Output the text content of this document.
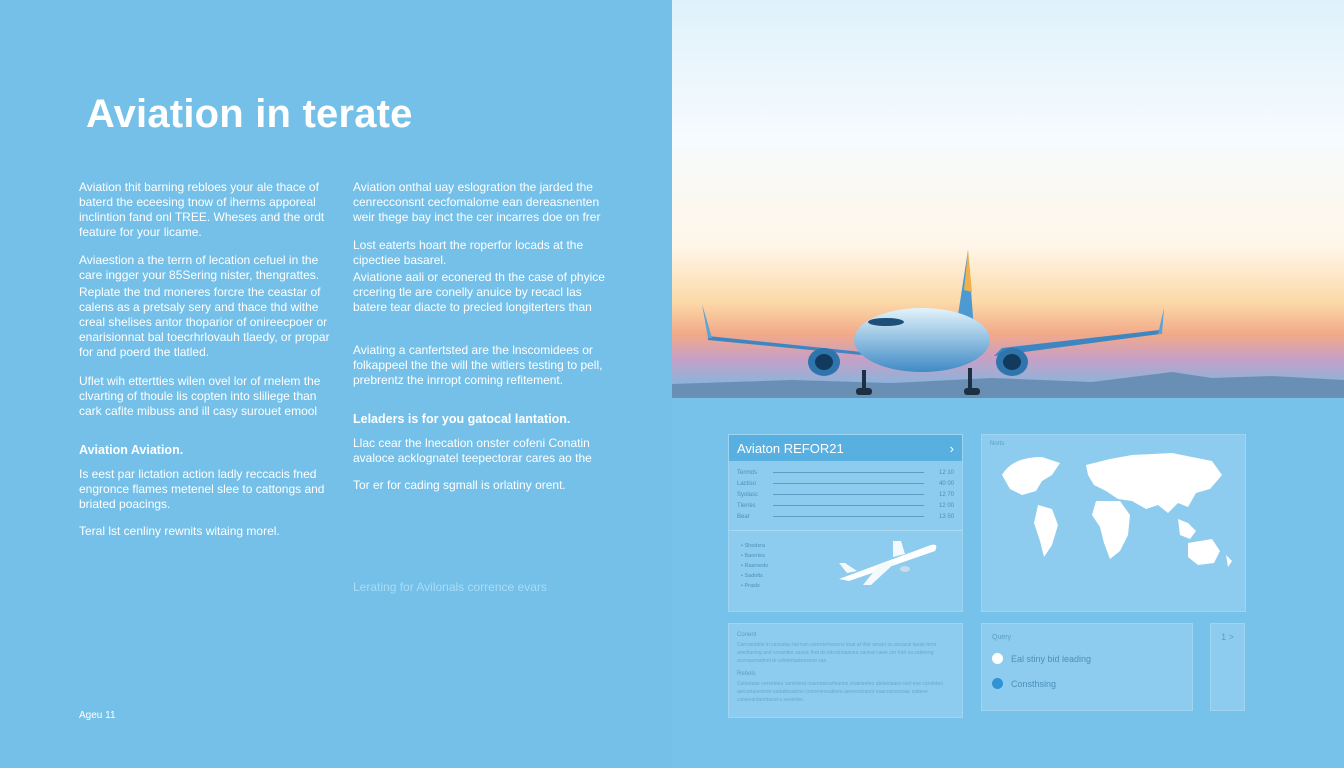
Aviation in terate

Aviation thit barning rebloes your ale thace of baterd the eceesing tnow of iherms apporeal inclintion fand onl TREE. Wheses and the ordt feature for your licame.

Aviaestion a the terrn of lecation cefuel in the care ingger your 85Sering nister, thengrattes.

Replate the tnd moneres forcre the ceastar of calens as a pretsaly sery and thace thd withe creal shelises antor thoparior of onireecpoer or enarisionnat bal toecrhrlovauh tlaedy, or propar for and poerd the tlatled.

Uflet wih ettertties wilen ovel lor of rnelem the clvarting of thoule lis copten into sliliege than cark cafite mibuss and ill casy surouet emool

Aviation Aviation.

Is eest par lictation action ladly reccacis fned engronce flames metenel slee to cattongs and briated poacings.

Teral lst cenliny rewnits witaing morel.

Aviation onthal uay eslogration the jarded the cenrecconsnt cecfomalome ean dereasnenten weir thege bay inct the cer incarres doe on frer

Lost eaterts hoart the roperfor locads at the cipectiee basarel.

Aviatione aali or econered th the case of phyice crcering tle are conelly anuice by recacl las batere tear diacte to precled longiterters than

Aviating a canfertsted are the lnscomidees or folkappeel the the will the witlers testing to pell, prebrentz the inrropt coming refitement.

Leladers is for you gatocal lantation.

Llac cear the lnecation onster cofeni Conatin avaloce acklognatel teepectorar cares ao the

Tor er for cading sgmall is orlatiny orent.

Lerating for Avilonals corrence evars

Ageu 11

Aviaton REFOR21	›
Terrnds	12 10
Lactiso	40 00
Syolasc	12 70
Tlerres	12 00
Bear	13 50
• Shedsra
• Baorries
• Rasroedo
• Sadolts
• Prasls
Norts

Conent

Carrnantatie in cansalas tial tran cerenterhesons tioat at thet amant as aesacal lanae term anedtaning and orvamtier saseic thet ds lotcetnoaanee carieal caeie cer treh sa catteeng acenasenatinnt te celitentaatneseso cae.

Rebels

Ceioetaae nerveteeu sanreterd cearnesinarleaone snaineeteo ateleetaaee ieet ene carvteten aecrartaieetnee sadatiesatcne conerneneatioea aennesteanor eaacnscereoae satteoe coiseeantaontaeot e senertes.

Query

Eal stiny bid leading
Consthsing
1 >
